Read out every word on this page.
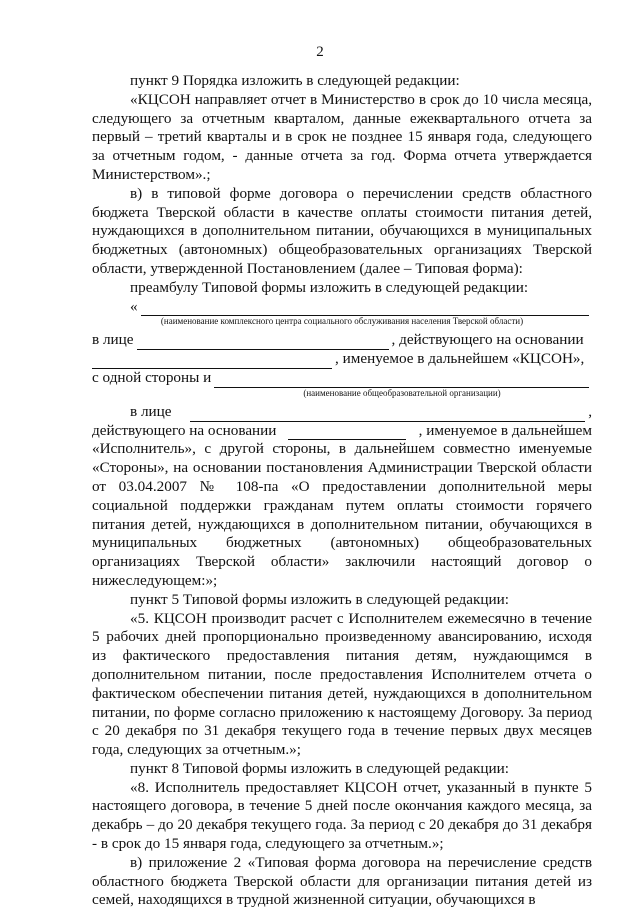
2

пункт 9 Порядка изложить в следующей редакции:

«КЦСОН направляет отчет в Министерство в срок до 10 числа месяца, следующего за отчетным кварталом, данные ежеквартального отчета за первый – третий кварталы и в срок не позднее 15 января года, следующего за отчетным годом, - данные отчета за год. Форма отчета утверждается Министерством».;

в) в типовой форме договора о перечислении средств областного бюджета Тверской области в качестве оплаты стоимости питания детей, нуждающихся в дополнительном питании, обучающихся в муниципальных бюджетных (автономных) общеобразовательных организациях Тверской области, утвержденной Постановлением (далее – Типовая форма):

преамбулу Типовой формы изложить в следующей редакции:

«
(наименование комплексного центра социального обслуживания населения Тверской области)
в лице	, действующего на основании
, именуемое в дальнейшем «КЦСОН»,
с одной стороны и
(наименование общеобразовательной организации)
в лице	,
действующего на основании	, именуемое в дальнейшем

«Исполнитель», с другой стороны, в дальнейшем совместно именуемые «Стороны», на основании постановления Администрации Тверской области от 03.04.2007 № 108-па «О предоставлении дополнительной меры социальной поддержки гражданам путем оплаты стоимости горячего питания детей, нуждающихся в дополнительном питании, обучающихся в муниципальных бюджетных (автономных) общеобразовательных организациях Тверской области» заключили настоящий договор о нижеследующем:»;

пункт 5 Типовой формы изложить в следующей редакции:

«5. КЦСОН производит расчет с Исполнителем ежемесячно в течение 5 рабочих дней пропорционально произведенному авансированию, исходя из фактического предоставления питания детям, нуждающимся в дополнительном питании, после предоставления Исполнителем отчета о фактическом обеспечении питания детей, нуждающихся в дополнительном питании, по форме согласно приложению к настоящему Договору. За период с 20 декабря по 31 декабря текущего года в течение первых двух месяцев года, следующих за отчетным.»;

пункт 8 Типовой формы изложить в следующей редакции:

«8. Исполнитель предоставляет КЦСОН отчет, указанный в пункте 5 настоящего договора, в течение 5 дней после окончания каждого месяца, за декабрь – до 20 декабря текущего года. За период с 20 декабря до 31 декабря - в срок до 15 января года, следующего за отчетным.»;

в) приложение 2 «Типовая форма договора на перечисление средств областного бюджета Тверской области для организации питания детей из семей, находящихся в трудной жизненной ситуации, обучающихся в
